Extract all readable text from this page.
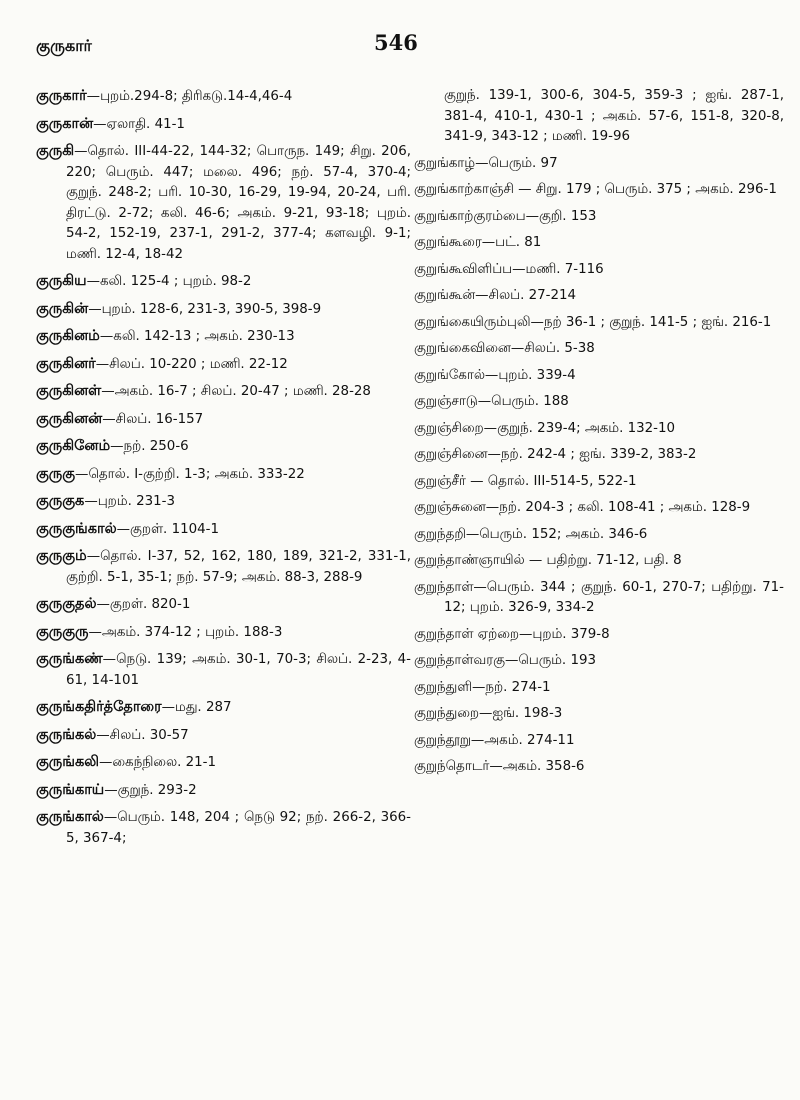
குருகார்	546
குருகார்—புறம்.294-8; திரிகடு.14-4,46-4
குருகான்—ஏலாதி. 41-1
குருகி—தொல். III-44-22, 144-32; பொருந. 149; சிறு. 206, 220; பெரும். 447; மலை. 496; நற். 57-4, 370-4; குறுந். 248-2; பரி. 10-30, 16-29, 19-94, 20-24, பரி. திரட்டு. 2-72; கலி. 46-6; அகம். 9-21, 93-18; புறம். 54-2, 152-19, 237-1, 291-2, 377-4; களவழி. 9-1; மணி. 12-4, 18-42
குருகிய—கலி. 125-4 ; புறம். 98-2
குருகின்—புறம். 128-6, 231-3, 390-5, 398-9
குருகினம்—கலி. 142-13 ; அகம். 230-13
குருகினர்—சிலப். 10-220 ; மணி. 22-12
குருகினள்—அகம். 16-7 ; சிலப். 20-47 ; மணி. 28-28
குருகினன்—சிலப். 16-157
குருகினேம்—நற். 250-6
குருகு—தொல். I-குற்றி. 1-3; அகம். 333-22
குருகுக—புறம். 231-3
குருகுங்கால்—குறள். 1104-1
குருகும்—தொல். I-37, 52, 162, 180, 189, 321-2, 331-1, குற்றி. 5-1, 35-1; நற். 57-9; அகம். 88-3, 288-9
குருகுதல்—குறள். 820-1
குருகுரு—அகம். 374-12 ; புறம். 188-3
குருங்கண்—நெடு. 139; அகம். 30-1, 70-3; சிலப். 2-23, 4-61, 14-101
குருங்கதிர்த்தோரை—மது. 287
குருங்கல்—சிலப். 30-57
குருங்கலி—கைந்நிலை. 21-1
குருங்காய்—குறுந். 293-2
குருங்கால்—பெரும். 148, 204 ; நெடு 92; நற். 266-2, 366-5, 367-4;
குறுந். 139-1, 300-6, 304-5, 359-3 ; ஐங். 287-1, 381-4, 410-1, 430-1 ; அகம். 57-6, 151-8, 320-8, 341-9, 343-12 ; மணி. 19-96
குறுங்காழ்—பெரும். 97
குறுங்காற்காஞ்சி — சிறு. 179 ; பெரும். 375 ; அகம். 296-1
குறுங்காற்குரம்பை—குறி. 153
குறுங்கூரை—பட். 81
குறுங்கூவிளிப்ப—மணி. 7-116
குறுங்கூன்—சிலப். 27-214
குறுங்கையிரும்புலி—நற் 36-1 ; குறுந். 141-5 ; ஐங். 216-1
குறுங்கைவினை—சிலப். 5-38
குறுங்கோல்—புறம். 339-4
குறுஞ்சாடு—பெரும். 188
குறுஞ்சிறை—குறுந். 239-4; அகம். 132-10
குறுஞ்சினை—நற். 242-4 ; ஐங். 339-2, 383-2
குறுஞ்சீர் — தொல். III-514-5, 522-1
குறுஞ்சுனை—நற். 204-3 ; கலி. 108-41 ; அகம். 128-9
குறுந்தறி—பெரும். 152; அகம். 346-6
குறுந்தாண்ஞாயில் — பதிற்று. 71-12, பதி. 8
குறுந்தாள்—பெரும். 344 ; குறுந். 60-1, 270-7; பதிற்று. 71-12; புறம். 326-9, 334-2
குறுந்தாள் ஏற்றை—புறம். 379-8
குறுந்தாள்வரகு—பெரும். 193
குறுந்துளி—நற். 274-1
குறுந்துறை—ஐங். 198-3
குறுந்தூறு—அகம். 274-11
குறுந்தொடர்—அகம். 358-6
